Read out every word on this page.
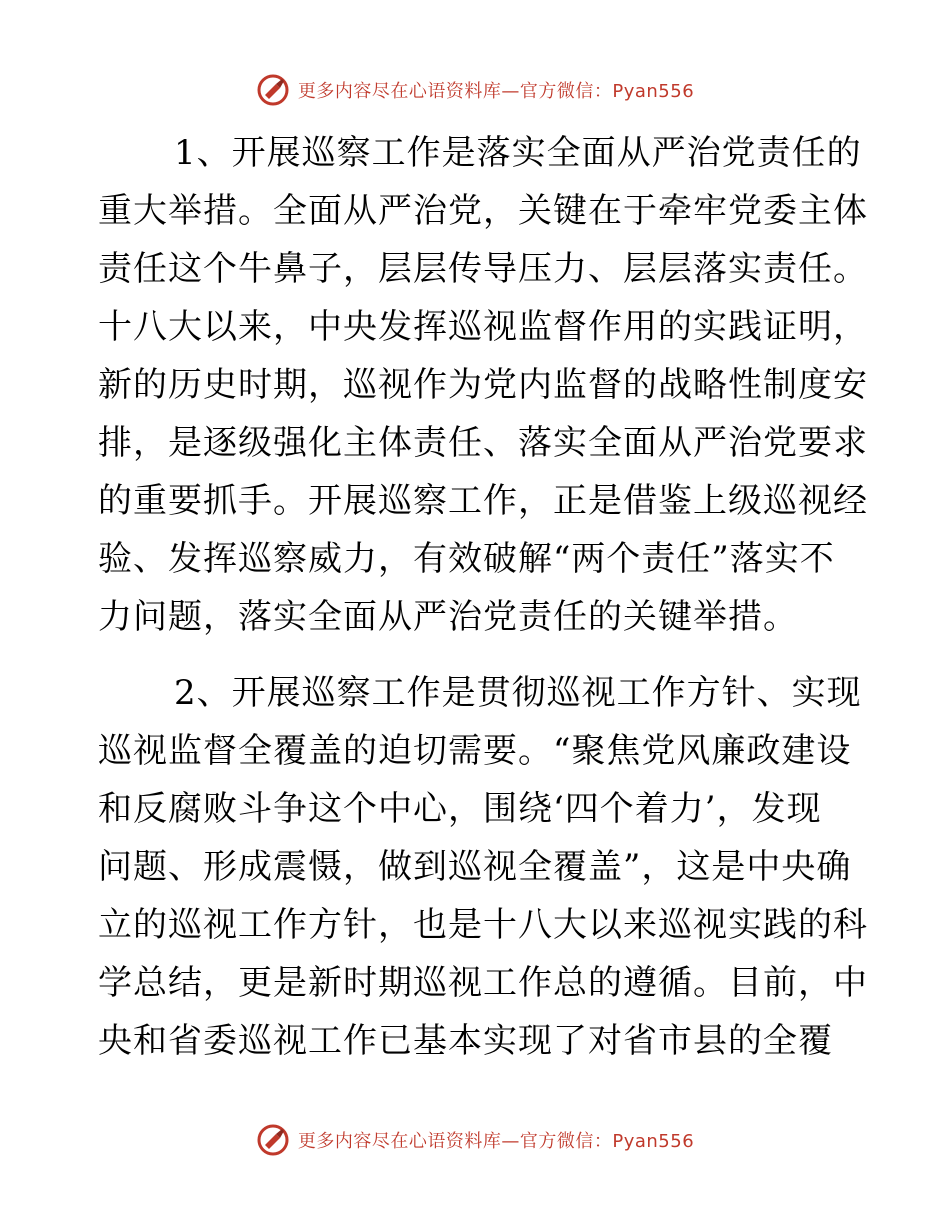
更多内容尽在心语资料库—官方微信：Pyan556
1、开展巡察工作是落实全面从严治党责任的
重大举措。全面从严治党，关键在于牵牢党委主体
责任这个牛鼻子，层层传导压力、层层落实责任。
十八大以来，中央发挥巡视监督作用的实践证明，
新的历史时期，巡视作为党内监督的战略性制度安
排，是逐级强化主体责任、落实全面从严治党要求
的重要抓手。开展巡察工作，正是借鉴上级巡视经
验、发挥巡察威力，有效破解“两个责任”落实不
力问题，落实全面从严治党责任的关键举措。
2、开展巡察工作是贯彻巡视工作方针、实现
巡视监督全覆盖的迫切需要。“聚焦党风廉政建设
和反腐败斗争这个中心，围绕‘四个着力’，发现
问题、形成震慑，做到巡视全覆盖”，这是中央确
立的巡视工作方针，也是十八大以来巡视实践的科
学总结，更是新时期巡视工作总的遵循。目前，中
央和省委巡视工作已基本实现了对省市县的全覆
更多内容尽在心语资料库—官方微信：Pyan556
